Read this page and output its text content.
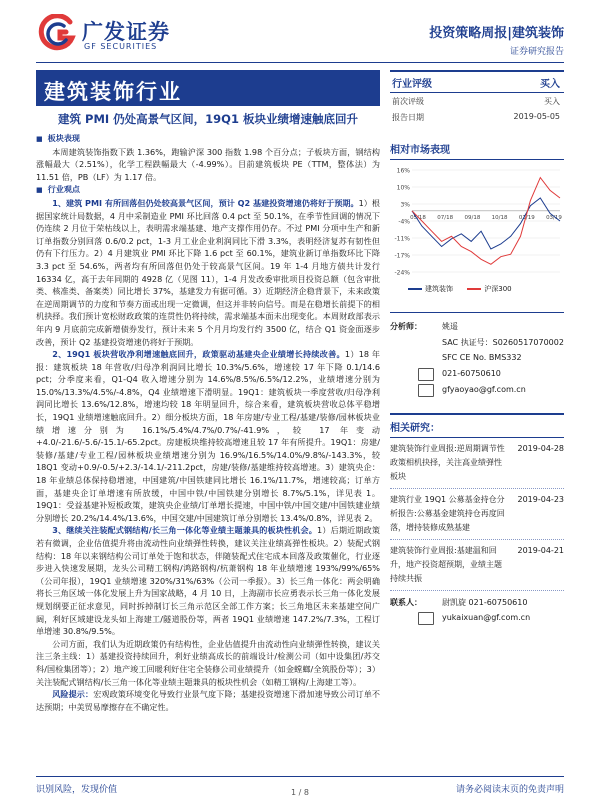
广发证券
GF SECURITIES
投资策略周报|建筑装饰
证券研究报告
建筑装饰行业
建筑 PMI 仍处高景气区间，19Q1 板块业绩增速触底回升

■ 板块表现

本周建筑装饰指数下跌 1.36%，跑输沪深 300 指数 1.98 个百分点；子板块方面，钢结构涨幅最大（2.51%），化学工程跌幅最大（-4.99%）。目前建筑板块 PE（TTM，整体法）为 11.51 倍，PB（LF）为 1.17 倍。

■ 行业观点

1、建筑 PMI 有所回落但仍处较高景气区间，预计 Q2 基建投资增速仍将好于预期。1）根据国家统计局数据，4 月中采制造业 PMI 环比回落 0.4 pct 至 50.1%，在季节性回调的情况下仍连续 2 月位于荣枯线以上，表明需求端基建、地产支撑作用仍存。不过 PMI 分项中生产和新订单指数分别回落 0.6/0.2 pct，1-3 月工业企业利润同比下滑 3.3%，表明经济复苏有韧性但仍有下行压力。2）4 月建筑业 PMI 环比下降 1.6 pct 至 60.1%，建筑业新订单指数环比下降 3.3 pct 至 54.6%，两者均有所回落但仍处于较高景气区间。19 年 1-4 月地方债共计发行 16334 亿，高于去年同期的 4928 亿（见图 11），1-4 月发改委审批项目投资总额（包含审批类、核准类、备案类）同比增长 37%，基建发力有据可循。3）近期经济企稳背景下，未来政策在逆周期调节的力度和节奏方面或出现一定微调，但这并非转向信号。而是在稳增长前提下的相机抉择。我们预计宽松财政政策的连贯性仍将持续，需求端基本面未出现变化。本周财政部表示年内 9 月底前完成新增债券发行，预计未来 5 个月月均发行约 3500 亿，结合 Q1 资金面逐步改善，预计 Q2 基建投资增速仍将好于预期。

2、19Q1 板块营收净利增速触底回升，政策驱动基建央企业绩增长持续改善。1）18 年报：建筑板块 18 年营收/归母净利润同比增长 10.3%/5.6%，增速较 17 年下降 0.1/14.6 pct；分季度来看，Q1-Q4 收入增速分别为 14.6%/8.5%/6.5%/12.2%，业绩增速分别为 15.0%/13.3%/4.5%/-4.8%，Q4 业绩增速下滑明显。19Q1：建筑板块一季度营收/归母净利润同比增长 13.6%/12.8%，增速均较 18 年明显回升，综合来看，建筑板块营收总体平稳增长，19Q1 业绩增速触底回升。2）细分板块方面，18 年房建/专业工程/基建/装修/园林板块业绩增速分别为 16.1%/5.4%/4.7%/0.7%/-41.9%，较 17 年变动 +4.0/-21.6/-5.6/-15.1/-65.2pct。房建板块维持较高增速且较 17 年有所提升。19Q1：房建/装修/基建/专业工程/园林板块业绩增速分别为 16.9%/16.5%/14.0%/9.8%/-143.3%，较 18Q1 变动+0.9/-0.5/+2.3/-14.1/-211.2pct，房建/装修/基建维持较高增速。3）建筑央企：18 年业绩总体保持稳增速，中国建筑/中国铁建同比增长 16.1%/11.7%，增速较高；订单方面，基建央企订单增速有所放缓，中国中铁/中国铁建分别增长 8.7%/5.1%，详见表 1。19Q1：受益基建补短板政策，建筑央企业绩/订单增长提速，中国中铁/中国交建/中国铁建业绩分别增长 20.2%/14.4%/13.6%，中国交建/中国建筑订单分别增长 13.4%/0.8%，详见表 2。

3、继续关注装配式钢结构/长三角一体化等业绩主题兼具的板块性机会。1）后期近期政策若有微调，企业估值提升将由流动性向业绩弹性转换，建议关注业绩高弹性板块。2）装配式钢结构：18 年以来钢结构公司订单处于饱和状态，伴随装配式住宅成本回落及政策催化，行业逐步进入快速发展期，龙头公司精工钢构/鸿路钢构/杭萧钢构 18 年业绩增速 193%/99%/65%（公司年报），19Q1 业绩增速 320%/31%/63%（公司一季报）。3）长三角一体化：两会明确将长三角区域一体化发展上升为国家战略，4 月 10 日，上海副市长应勇表示长三角一体化发展规划纲要正征求意见，同时拆掉制订长三角示范区全部工作方案；长三角地区未来基建空间广阔，利好区域建设龙头如上海建工/隧道股份等，两者 19Q1 业绩增速 147.2%/7.3%，工程订单增速 30.8%/9.5%。

公司方面，我们认为近期政策仍有结构性，企业估值提升由流动性向业绩弹性转换，建议关注三条主线：1）基建投资持续回升，利好业绩高成长的前端设计/检测公司（如中设集团/苏交科/国检集团等）；2）地产竣工回暖利好住宅全装修公司业绩提升（如金螳螂/全筑股份等）；3）关注装配式钢结构/长三角一体化等业绩主题兼具的板块性机会（如精工钢构/上海建工等）。

风险提示：宏观政策环境变化导致行业景气度下降；基建投资增速下滑加速导致公司订单不达预期；中美贸易摩擦存在不确定性。

行业评级	买入
前次评级	买入
报告日期	2019-05-05
相对市场表现
16%
10%
3%
-4%
-11%
-17%
-24%
05/18 07/18 09/18 10/18 01/19 03/19
建筑装饰	沪深300
分析师：	姚遥
SAC 执证号：S0260517070002
SFC CE No. BMS332
021-60750610
gfyaoyao@gf.com.cn
相关研究：
建筑装饰行业周报:逆周期调节性政策相机抉择，关注高业绩弹性板块
2019-04-28
建筑行业 19Q1 公募基金持仓分析报告:公募基金建筑持仓再度回落，增持装修成熟基建
2019-04-23
建筑装饰行业周报:基建温和回升，地产投资超预期，业绩主题持续共振
2019-04-21
联系人：	尉凯旋 021-60750610
yukaixuan@gf.com.cn
识别风险，发现价值	请务必阅读末页的免责声明
1 / 8
